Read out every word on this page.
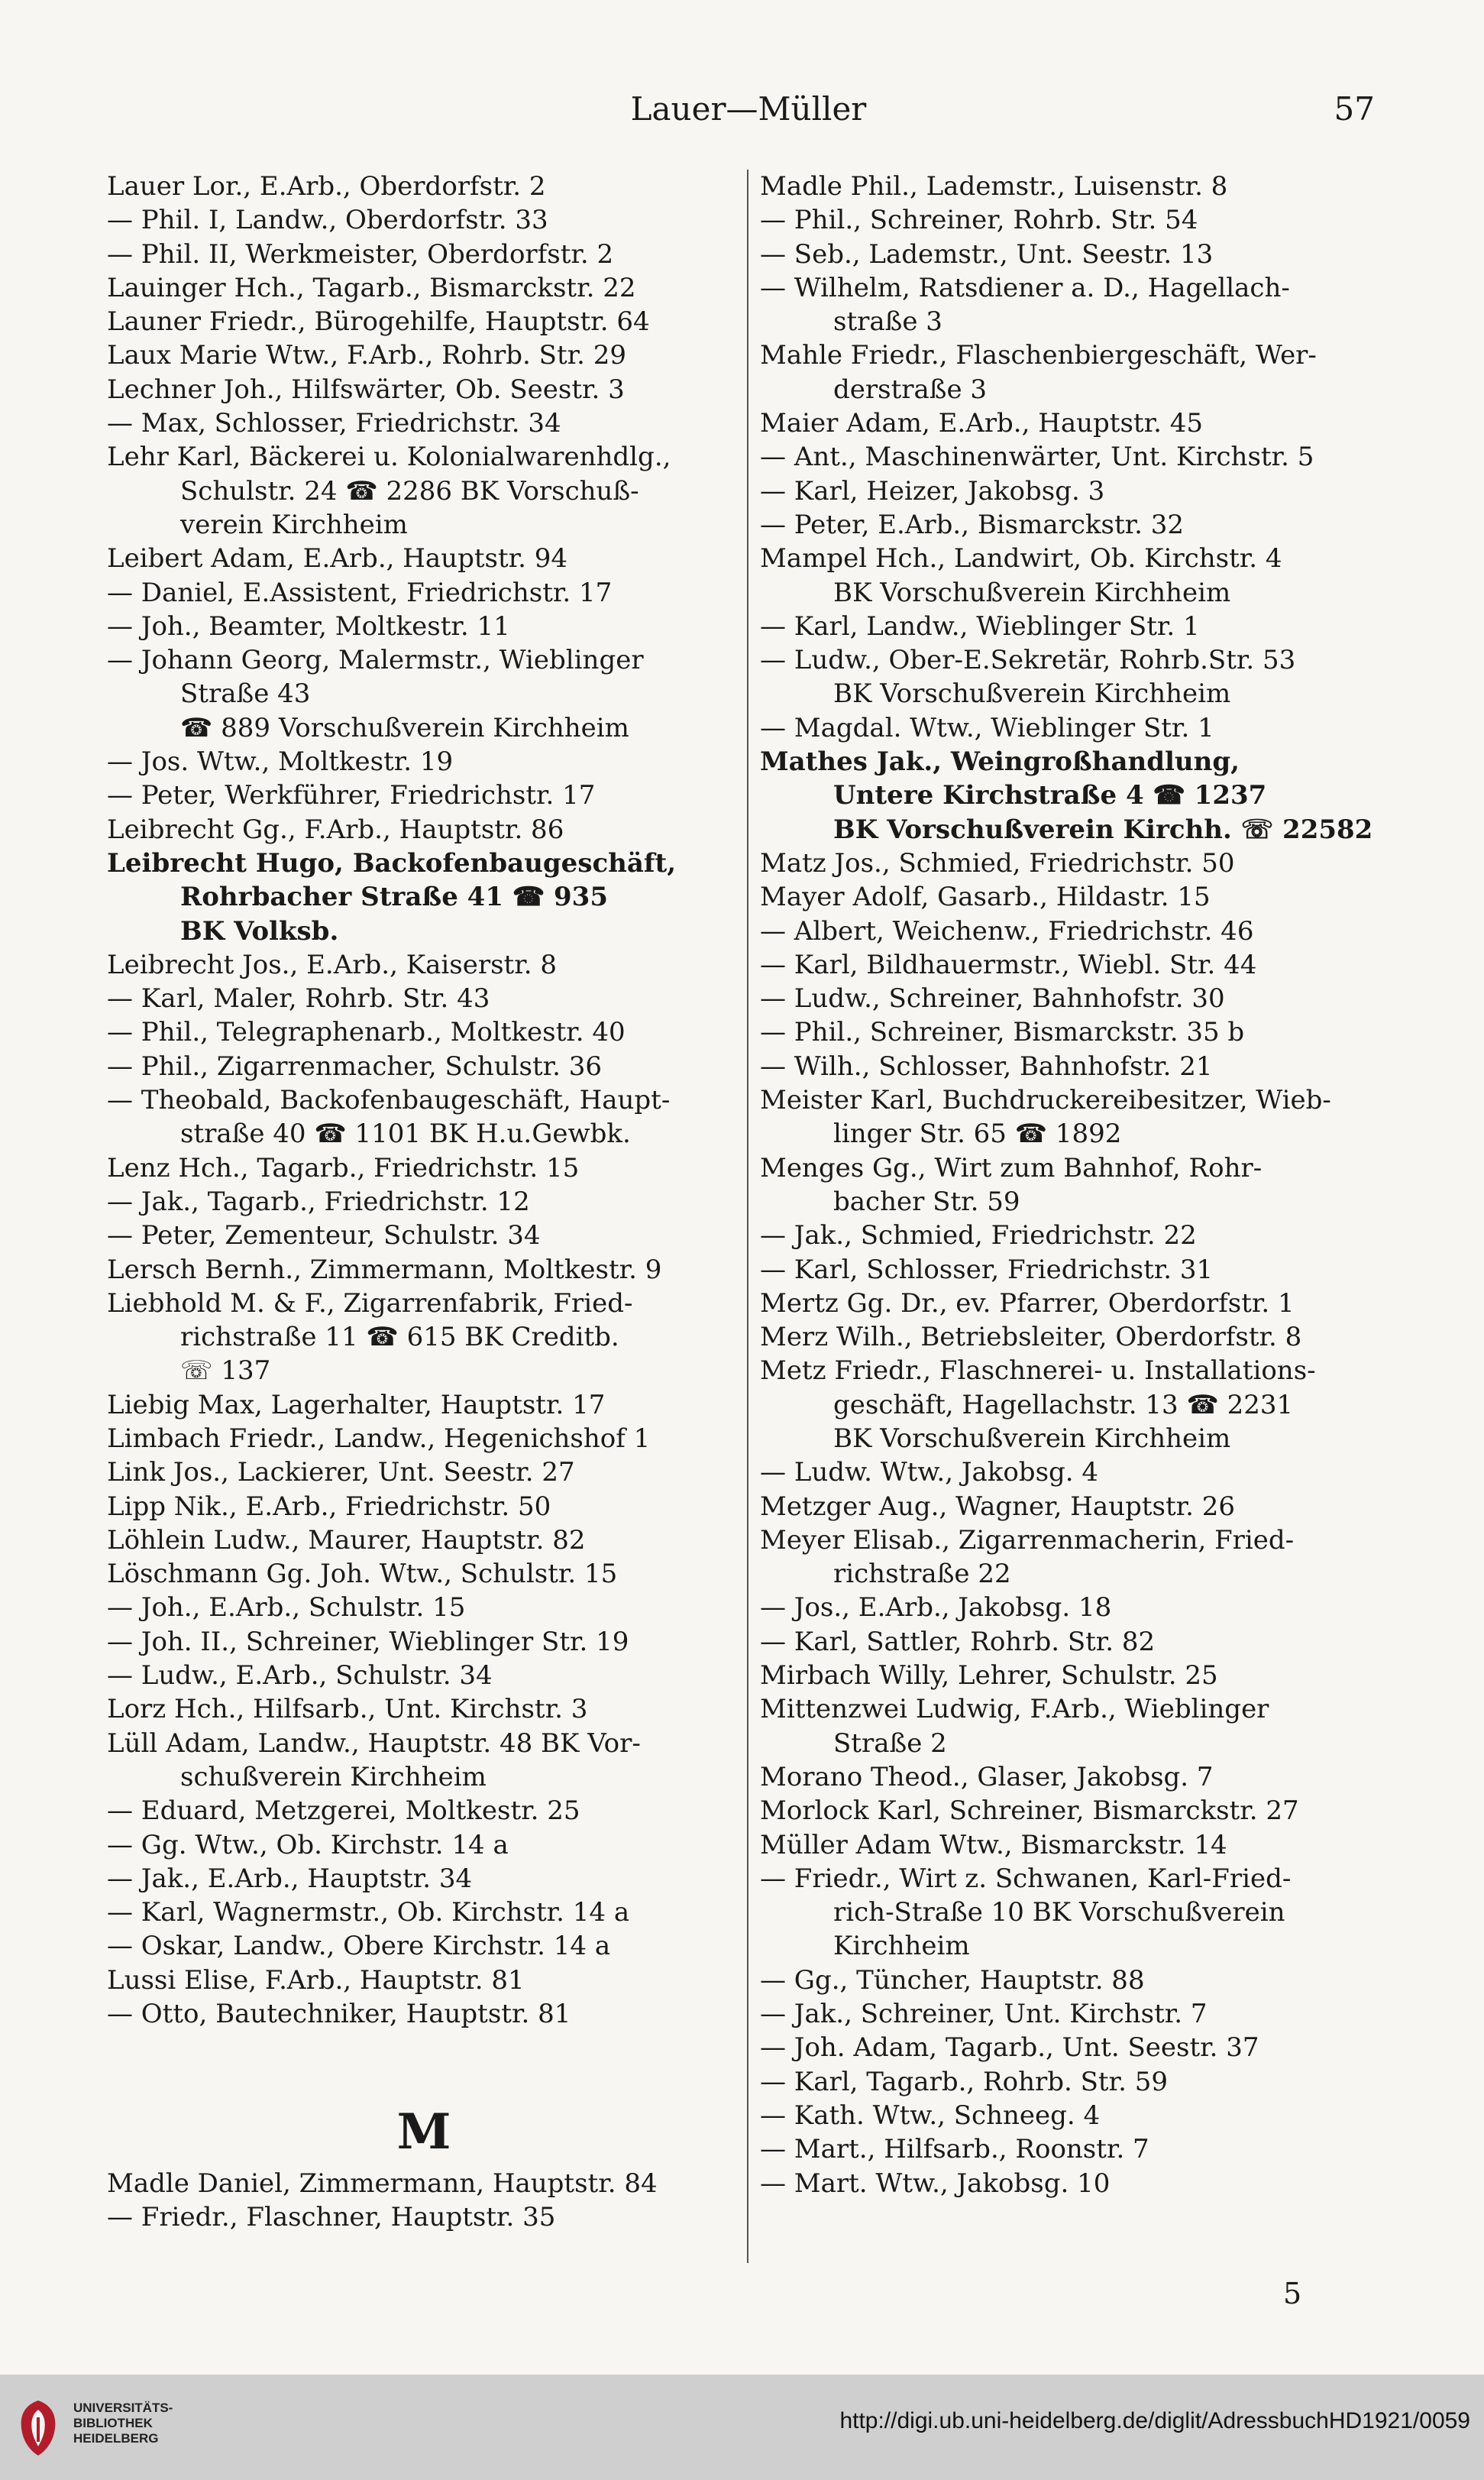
Lauer—Müller	57
Lauer Lor., E.Arb., Oberdorfstr. 2
— Phil. I, Landw., Oberdorfstr. 33
— Phil. II, Werkmeister, Oberdorfstr. 2
Lauinger Hch., Tagarb., Bismarckstr. 22
Launer Friedr., Bürogehilfe, Hauptstr. 64
Laux Marie Wtw., F.Arb., Rohrb. Str. 29
Lechner Joh., Hilfswärter, Ob. Seestr. 3
— Max, Schlosser, Friedrichstr. 34
Lehr Karl, Bäckerei u. Kolonialwarenhdlg.,
Schulstr. 24 ☎ 2286 BK Vorschuß-
verein Kirchheim
Leibert Adam, E.Arb., Hauptstr. 94
— Daniel, E.Assistent, Friedrichstr. 17
— Joh., Beamter, Moltkestr. 11
— Johann Georg, Malermstr., Wieblinger
Straße 43
☎ 889 Vorschußverein Kirchheim
— Jos. Wtw., Moltkestr. 19
— Peter, Werkführer, Friedrichstr. 17
Leibrecht Gg., F.Arb., Hauptstr. 86
Leibrecht Hugo, Backofenbaugeschäft,
Rohrbacher Straße 41 ☎ 935
BK Volksb.
Leibrecht Jos., E.Arb., Kaiserstr. 8
— Karl, Maler, Rohrb. Str. 43
— Phil., Telegraphenarb., Moltkestr. 40
— Phil., Zigarrenmacher, Schulstr. 36
— Theobald, Backofenbaugeschäft, Haupt-
straße 40 ☎ 1101 BK H.u.Gewbk.
Lenz Hch., Tagarb., Friedrichstr. 15
— Jak., Tagarb., Friedrichstr. 12
— Peter, Zementeur, Schulstr. 34
Lersch Bernh., Zimmermann, Moltkestr. 9
Liebhold M. & F., Zigarrenfabrik, Fried-
richstraße 11 ☎ 615 BK Creditb.
☏ 137
Liebig Max, Lagerhalter, Hauptstr. 17
Limbach Friedr., Landw., Hegenichshof 1
Link Jos., Lackierer, Unt. Seestr. 27
Lipp Nik., E.Arb., Friedrichstr. 50
Löhlein Ludw., Maurer, Hauptstr. 82
Löschmann Gg. Joh. Wtw., Schulstr. 15
— Joh., E.Arb., Schulstr. 15
— Joh. II., Schreiner, Wieblinger Str. 19
— Ludw., E.Arb., Schulstr. 34
Lorz Hch., Hilfsarb., Unt. Kirchstr. 3
Lüll Adam, Landw., Hauptstr. 48 BK Vor-
schußverein Kirchheim
— Eduard, Metzgerei, Moltkestr. 25
— Gg. Wtw., Ob. Kirchstr. 14 a
— Jak., E.Arb., Hauptstr. 34
— Karl, Wagnermstr., Ob. Kirchstr. 14 a
— Oskar, Landw., Obere Kirchstr. 14 a
Lussi Elise, F.Arb., Hauptstr. 81
— Otto, Bautechniker, Hauptstr. 81
M
Madle Daniel, Zimmermann, Hauptstr. 84
— Friedr., Flaschner, Hauptstr. 35
Madle Phil., Lademstr., Luisenstr. 8
— Phil., Schreiner, Rohrb. Str. 54
— Seb., Lademstr., Unt. Seestr. 13
— Wilhelm, Ratsdiener a. D., Hagellach-
straße 3
Mahle Friedr., Flaschenbiergeschäft, Wer-
derstraße 3
Maier Adam, E.Arb., Hauptstr. 45
— Ant., Maschinenwärter, Unt. Kirchstr. 5
— Karl, Heizer, Jakobsg. 3
— Peter, E.Arb., Bismarckstr. 32
Mampel Hch., Landwirt, Ob. Kirchstr. 4
BK Vorschußverein Kirchheim
— Karl, Landw., Wieblinger Str. 1
— Ludw., Ober-E.Sekretär, Rohrb.Str. 53
BK Vorschußverein Kirchheim
— Magdal. Wtw., Wieblinger Str. 1
Mathes Jak., Weingroßhandlung,
Untere Kirchstraße 4 ☎ 1237
BK Vorschußverein Kirchh. ☏ 22582
Matz Jos., Schmied, Friedrichstr. 50
Mayer Adolf, Gasarb., Hildastr. 15
— Albert, Weichenw., Friedrichstr. 46
— Karl, Bildhauermstr., Wiebl. Str. 44
— Ludw., Schreiner, Bahnhofstr. 30
— Phil., Schreiner, Bismarckstr. 35 b
— Wilh., Schlosser, Bahnhofstr. 21
Meister Karl, Buchdruckereibesitzer, Wieb-
linger Str. 65 ☎ 1892
Menges Gg., Wirt zum Bahnhof, Rohr-
bacher Str. 59
— Jak., Schmied, Friedrichstr. 22
— Karl, Schlosser, Friedrichstr. 31
Mertz Gg. Dr., ev. Pfarrer, Oberdorfstr. 1
Merz Wilh., Betriebsleiter, Oberdorfstr. 8
Metz Friedr., Flaschnerei- u. Installations-
geschäft, Hagellachstr. 13 ☎ 2231
BK Vorschußverein Kirchheim
— Ludw. Wtw., Jakobsg. 4
Metzger Aug., Wagner, Hauptstr. 26
Meyer Elisab., Zigarrenmacherin, Fried-
richstraße 22
— Jos., E.Arb., Jakobsg. 18
— Karl, Sattler, Rohrb. Str. 82
Mirbach Willy, Lehrer, Schulstr. 25
Mittenzwei Ludwig, F.Arb., Wieblinger
Straße 2
Morano Theod., Glaser, Jakobsg. 7
Morlock Karl, Schreiner, Bismarckstr. 27
Müller Adam Wtw., Bismarckstr. 14
— Friedr., Wirt z. Schwanen, Karl-Fried-
rich-Straße 10 BK Vorschußverein
Kirchheim
— Gg., Tüncher, Hauptstr. 88
— Jak., Schreiner, Unt. Kirchstr. 7
— Joh. Adam, Tagarb., Unt. Seestr. 37
— Karl, Tagarb., Rohrb. Str. 59
— Kath. Wtw., Schneeg. 4
— Mart., Hilfsarb., Roonstr. 7
— Mart. Wtw., Jakobsg. 10
5
UNIVERSITÄTS-
BIBLIOTHEK
HEIDELBERG
http://digi.ub.uni-heidelberg.de/diglit/AdressbuchHD1921/0059
